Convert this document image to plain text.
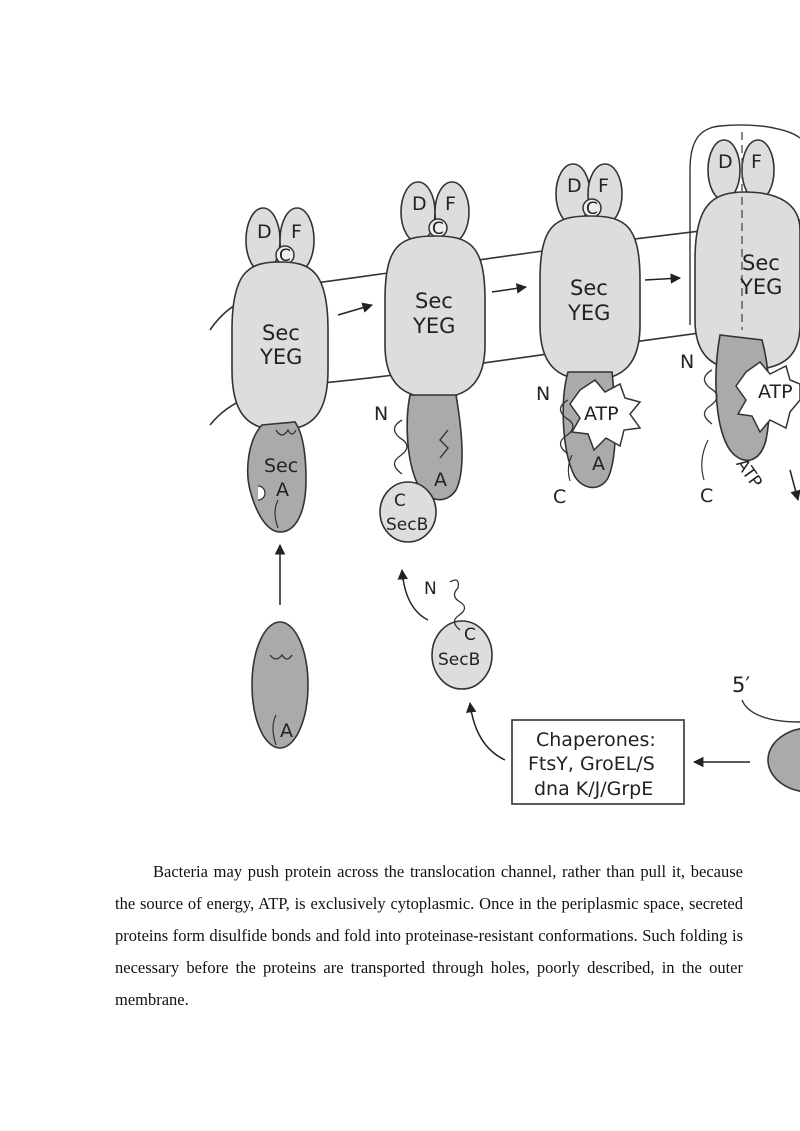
D F
C
Sec
YEG
Sec
A
A
D F
C
Sec
YEG
N
A
C
SecB
N
C
SecB
D F
C
Sec
YEG
N
ATP
A
C
D F
Sec
YEG
N
ATP
ATP
C
5′
Chaperones:
FtsY, GroEL/S
dna K/J/GrpE

Bacteria may push protein across the translocation channel, rather than pull it, because the source of energy, ATP, is exclusively cytoplasmic. Once in the periplasmic space, secreted proteins form disulfide bonds and fold into proteinase-resistant conformations. Such folding is necessary before the proteins are transported through holes, poorly described, in the outer membrane.
